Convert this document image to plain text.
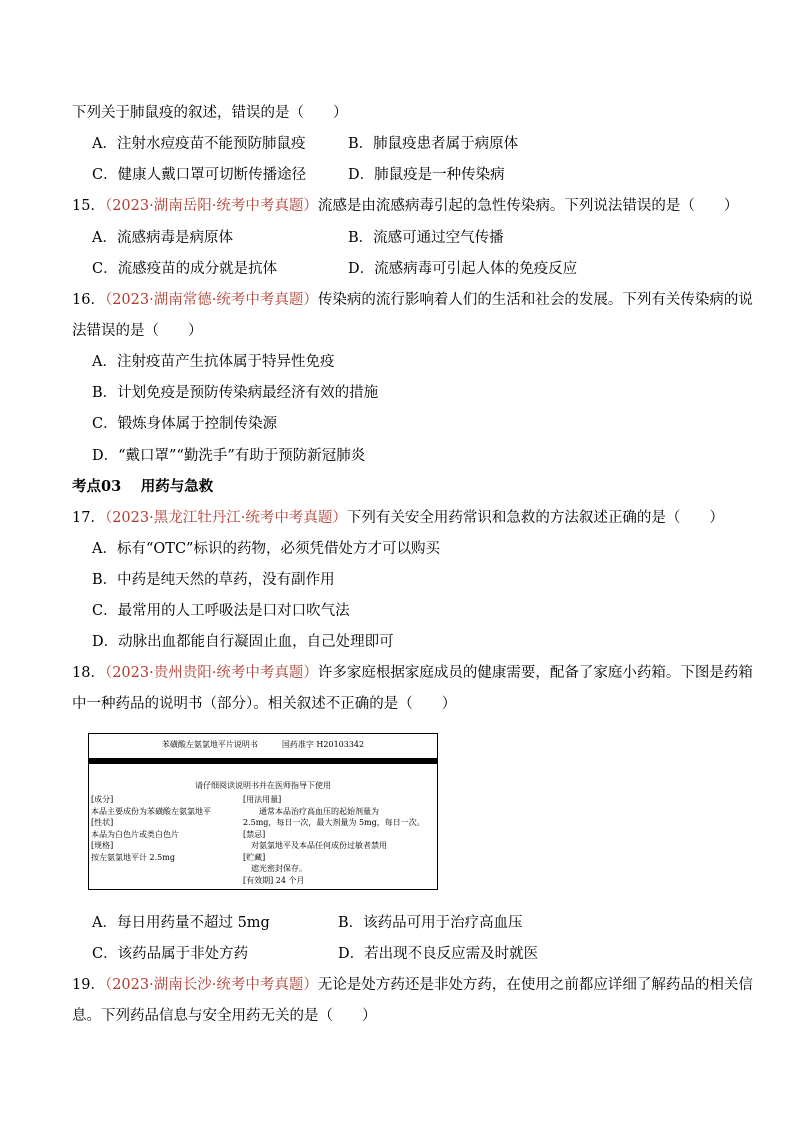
下列关于肺鼠疫的叙述，错误的是（　　）
A．注射水痘疫苗不能预防肺鼠疫	B．肺鼠疫患者属于病原体
C．健康人戴口罩可切断传播途径	D．肺鼠疫是一种传染病
15．（2023·湖南岳阳·统考中考真题）流感是由流感病毒引起的急性传染病。下列说法错误的是（　　）
A．流感病毒是病原体	B．流感可通过空气传播
C．流感疫苗的成分就是抗体	D．流感病毒可引起人体的免疫反应
16．（2023·湖南常德·统考中考真题）传染病的流行影响着人们的生活和社会的发展。下列有关传染病的说
法错误的是（　　）
A．注射疫苗产生抗体属于特异性免疫
B．计划免疫是预防传染病最经济有效的措施
C．锻炼身体属于控制传染源
D．“戴口罩”“勤洗手”有助于预防新冠肺炎
考点03　 用药与急救
17．（2023·黑龙江牡丹江·统考中考真题）下列有关安全用药常识和急救的方法叙述正确的是（　　）
A．标有“OTC”标识的药物，必须凭借处方才可以购买
B．中药是纯天然的草药，没有副作用
C．最常用的人工呼吸法是口对口吹气法
D．动脉出血都能自行凝固止血，自己处理即可
18．（2023·贵州贵阳·统考中考真题）许多家庭根据家庭成员的健康需要，配备了家庭小药箱。下图是药箱
中一种药品的说明书（部分）。相关叙述不正确的是（　　）
苯磺酸左氨氯地平片说明书　　　国药准字 H20103342
请仔细阅读说明书并在医师指导下使用
[成分]
本品主要成份为苯磺酸左氨氯地平
[性状]
本品为白色片或类白色片
[规格]
按左氨氯地平计 2.5mg
[用法用量]
　　通常本品治疗高血压的起始剂量为
2.5mg，每日一次，最大剂量为 5mg，每日一次。
[禁忌]
　对氨氯地平及本品任何成份过敏者禁用
[贮藏]
　遮光密封保存。
[有效期] 24 个月
A．每日用药量不超过 5mg	B．该药品可用于治疗高血压
C．该药品属于非处方药	D．若出现不良反应需及时就医
19．（2023·湖南长沙·统考中考真题）无论是处方药还是非处方药，在使用之前都应详细了解药品的相关信
息。下列药品信息与安全用药无关的是（　　）
